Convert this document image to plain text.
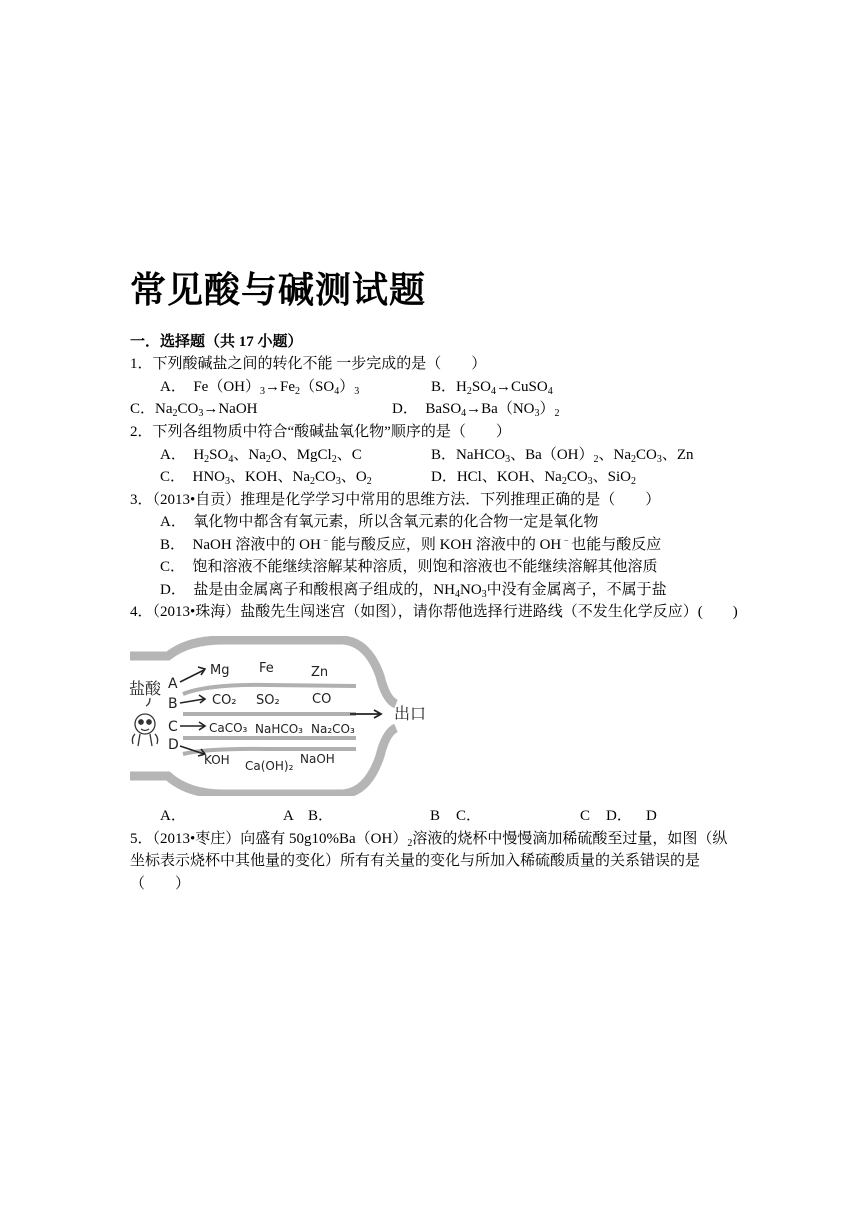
常见酸与碱测试题
一．选择题（共 17 小题）
1．下列酸碱盐之间的转化不能 一步完成的是（　　）
A．　$Fe(OH)_3\to Fe_2(SO_4)_3$	B．$H_2SO_4\to CuSO_4$
C．$Na_2CO_3\to NaOH$	D．　$BaSO_4\to Ba(NO_3)_2$
2．下列各组物质中符合“酸碱盐氧化物”顺序的是（　　）
A．　$H_2SO_4$、$Na_2O$、MgCl$_2$、C	B．NaHCO$_3$、$Ba(OH)_2$、$Na_2CO_3$、Zn
C．　$HNO_3$、KOH、$Na_2CO_3$、$O_2$	D．HCl、KOH、$Na_2CO_3$、SiO$_2$
3．（2013•自贡）推理是化学学习中常用的思维方法．下列推理正确的是（　　）
A．　氧化物中都含有氧元素，所以含氧元素的化合物一定是氧化物
B．　NaOH 溶液中的 OH﹣能与酸反应，则 KOH 溶液中的 OH﹣也能与酸反应
C．　饱和溶液不能继续溶解某种溶质，则饱和溶液也不能继续溶解其他溶质
D．　盐是由金属离子和酸根离子组成的，$NH_4NO_3$中没有金属离子，不属于盐
4．（2013•珠海）盐酸先生闯迷宫（如图），请你帮他选择行进路线（不发生化学反应）(　　)
盐酸
出口
A
B
C
D
Mg Fe	Zn
CO₂ SO₂ CO
CaCO₃ NaHCO₃ Na₂CO₃
KOH Ca(OH)₂ NaOH
A．	A B．	B C．	C D． D
5．（2013•枣庄）向盛有 $50g10\%Ba(OH)_2$溶液的烧杯中慢慢滴加稀硫酸至过量，如图（纵
坐标表示烧杯中其他量的变化）所有有关量的变化与所加入稀硫酸质量的关系错误的是
（　　）
